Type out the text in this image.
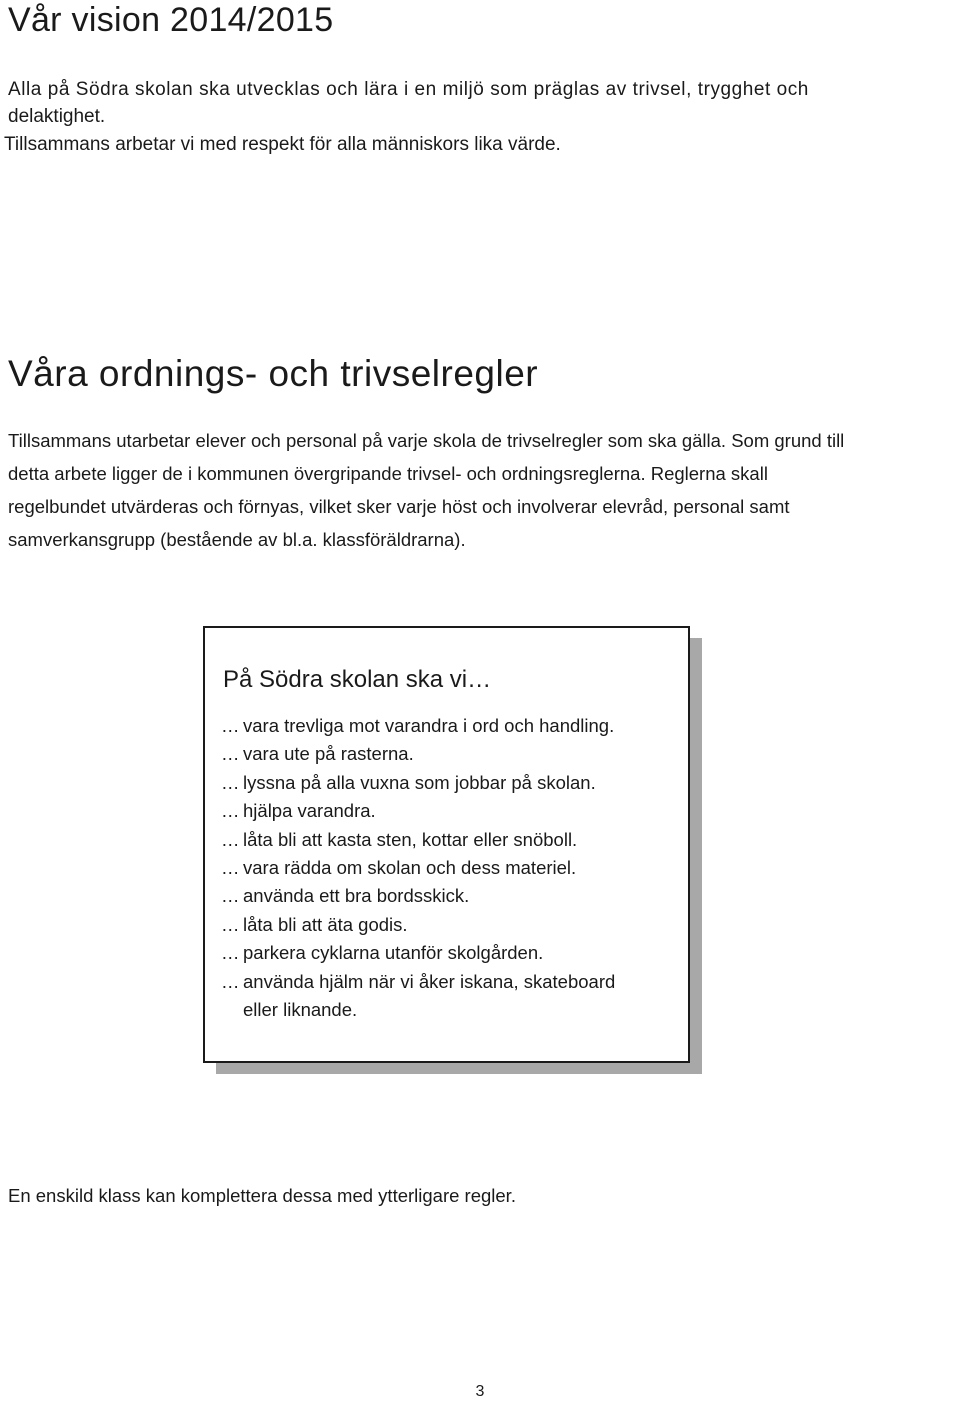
Vår vision 2014/2015

Alla på Södra skolan ska utvecklas och lära i en miljö som präglas av trivsel, trygghet och

delaktighet.

Tillsammans arbetar vi med respekt för alla människors lika värde.

Våra ordnings- och trivselregler

Tillsammans utarbetar elever och personal på varje skola de trivselregler som ska gälla. Som grund till

detta arbete ligger de i kommunen övergripande trivsel- och ordningsreglerna. Reglerna skall

regelbundet utvärderas och förnyas, vilket sker varje höst och involverar elevråd, personal samt

samverkansgrupp (bestående av bl.a. klassföräldrarna).

På Södra skolan ska vi…
… vara trevliga mot varandra i ord och handling.
… vara ute på rasterna.
… lyssna på alla vuxna som jobbar på skolan.
… hjälpa varandra.
… låta bli att kasta sten, kottar eller snöboll.
… vara rädda om skolan och dess materiel.
… använda ett bra bordsskick.
… låta bli att äta godis.
… parkera cyklarna utanför skolgården.
… använda hjälm när vi åker iskana, skateboard
eller liknande.

En enskild klass kan komplettera dessa med ytterligare regler.

3
